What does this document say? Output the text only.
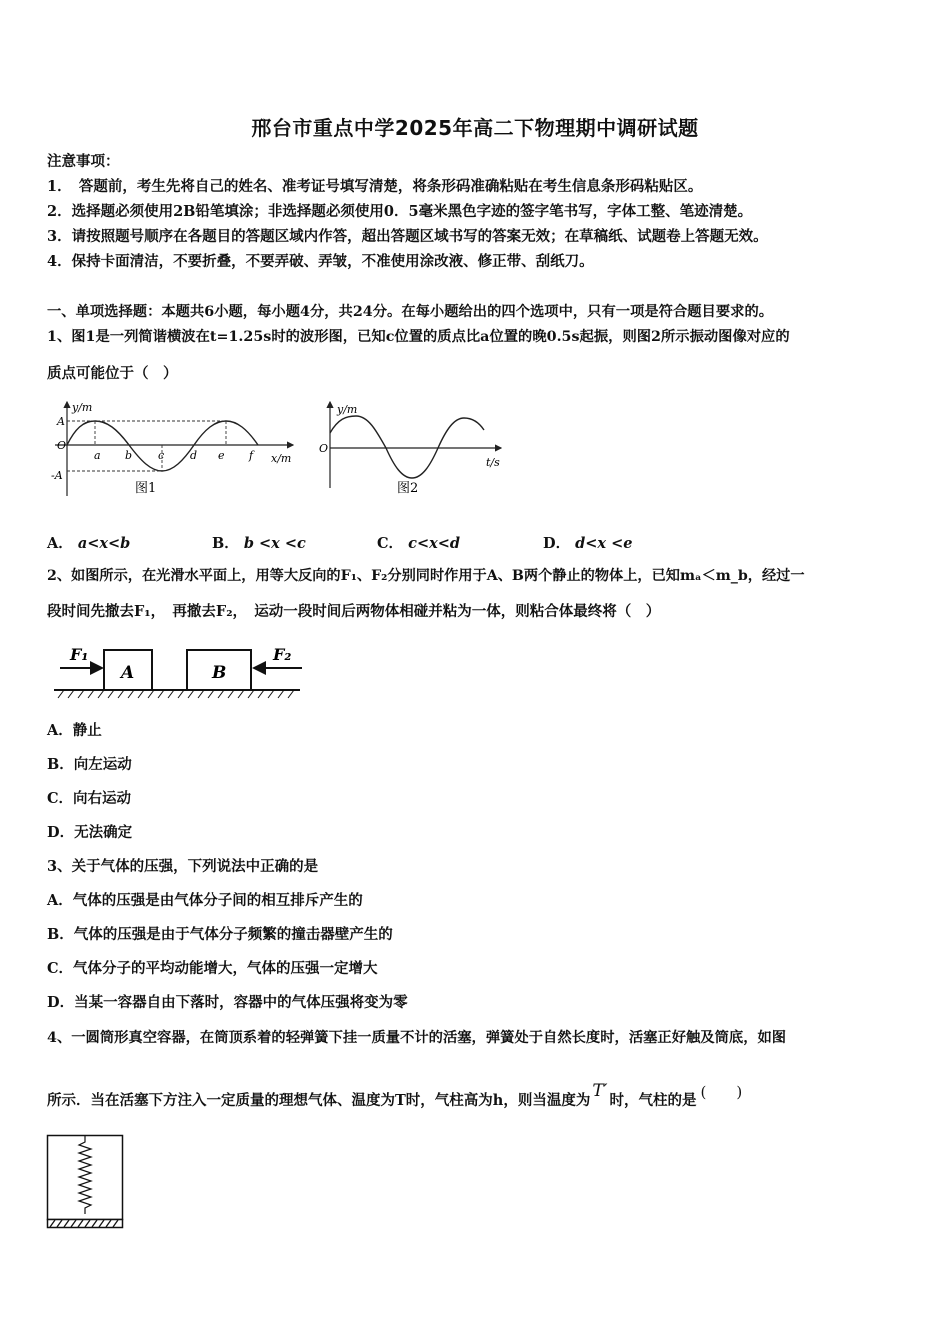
邢台市重点中学2025年高二下物理期中调研试题
注意事项：
1．　答题前，考生先将自己的姓名、准考证号填写清楚，将条形码准确粘贴在考生信息条形码粘贴区。
2．选择题必须使用2B铅笔填涂；非选择题必须使用0．5毫米黑色字迹的签字笔书写，字体工整、笔迹清楚。
3．请按照题号顺序在各题目的答题区域内作答，超出答题区域书写的答案无效；在草稿纸、试题卷上答题无效。
4．保持卡面清洁，不要折叠，不要弄破、弄皱，不准使用涂改液、修正带、刮纸刀。
一、单项选择题：本题共6小题，每小题4分，共24分。在每小题给出的四个选项中，只有一项是符合题目要求的。
1、图1是一列简谐横波在t=1.25s时的波形图，已知c位置的质点比a位置的晚0.5s起振，则图2所示振动图像对应的
质点可能位于（　）
y/m
A
O
-A
a b c d e f x/m
图1
y/m
O
t/s
图2
A． a<x<b	B． b <x <c	C． c<x<d	D． d<x <e
2、如图所示，在光滑水平面上，用等大反向的F₁、F₂分别同时作用于A、B两个静止的物体上，已知mₐ＜m_b，经过一
段时间先撤去F₁，　再撤去F₂，　运动一段时间后两物体相碰并粘为一体，则粘合体最终将（　）
F₁	F₂
A	B
A．静止
B．向左运动
C．向右运动
D．无法确定
3、关于气体的压强，下列说法中正确的是
A．气体的压强是由气体分子间的相互排斥产生的
B．气体的压强是由于气体分子频繁的撞击器壁产生的
C．气体分子的平均动能增大，气体的压强一定增大
D．当某一容器自由下落时，容器中的气体压强将变为零
4、一圆筒形真空容器，在筒顶系着的轻弹簧下挂一质量不计的活塞，弹簧处于自然长度时，活塞正好触及筒底，如图
所示．当在活塞下方注入一定质量的理想气体、温度为T时，气柱高为h，则当温度为 T′ 时，气柱的是 (　　)
